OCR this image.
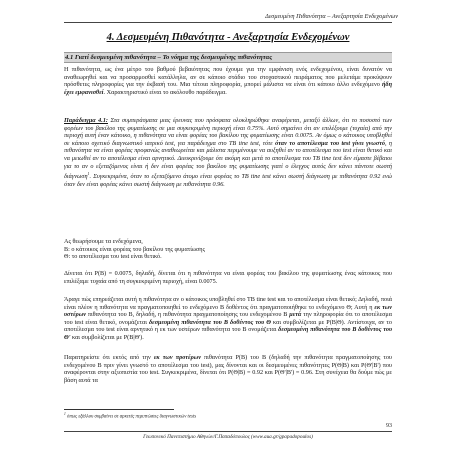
Δεσμευμένη Πιθανότητα – Ανεξαρτησία Ενδεχομένων
4. Δεσμευμένη Πιθανότητα - Ανεξαρτησία Ενδεχομένων
4.1 Γιατί δεσμευμένη πιθανότητα – Το νόημα της δεσμευμένης πιθανότητας

Η πιθανότητα, ως ένα μέτρο του βαθμού βεβαιότητας που έχουμε για την εμφάνιση ενός ενδεχομένου, είναι δυνατόν να αναθεωρηθεί και να προσαρμοσθεί κατάλληλα, αν σε κάποιο στάδιο του στοχαστικού πειράματος που μελετάμε προκύψουν πρόσθετες πληροφορίες για την έκβασή του. Μια τέτοια πληροφορία, μπορεί μάλιστα να είναι ότι κάποιο άλλο ενδεχόμενο ήδη έχει εμφανισθεί. Χαρακτηριστικό είναι το ακόλουθο παράδειγμα.

Παράδειγμα 4.1: Στα συμπεράσματα μιας έρευνας που πρόσφατα ολοκληρώθηκε αναφέρεται, μεταξύ άλλων, ότι το ποσοστό των φορέων του βακίλου της φυματίωσης σε μια συγκεκριμένη περιοχή είναι 0.75%. Αυτό σημαίνει ότι αν επιλέξουμε (τυχαία) από την περιοχή αυτή έναν κάτοικο, η πιθανότητα να είναι φορέας του βακίλου της φυματίωσης είναι 0.0075. Αν όμως ο κάτοικος υποβληθεί σε κάποιο σχετικό διαγνωστικό ιατρικό test, για παράδειγμα στο TB tine test, τότε όταν το αποτέλεσμα του test γίνει γνωστό, η πιθανότητα να είναι φορέας προφανώς αναθεωρείται και μάλιστα περιμένουμε να αυξηθεί αν το αποτέλεσμα του test είναι θετικό και να μειωθεί αν το αποτέλεσμα είναι αρνητικό. Διευκρινίζουμε ότι ακόμη και μετά το αποτέλεσμα του TB tine test δεν είμαστε βέβαιοι για το αν ο εξεταζόμενος είναι ή δεν είναι φορέας του βακίλου της φυματίωσης γιατί ο έλεγχος αυτός δεν κάνει πάντοτε σωστή διάγνωση$^1$. Συγκεκριμένα, όταν το εξεταζόμενο άτομο είναι φορέας το TB tine test κάνει σωστή διάγνωση με πιθανότητα 0.92 ενώ όταν δεν είναι φορέας κάνει σωστή διάγνωση με πιθανότητα 0.96.

Ας θεωρήσουμε τα ενδεχόμενα,

B: ο κάτοικος είναι φορέας του βακίλου της φυματίωσης

Θ: το αποτέλεσμα του test είναι θετικό.

Δίνεται ότι P(B) = 0.0075, δηλαδή, δίνεται ότι η πιθανότητα να είναι φορέας του βακίλου της φυματίωσης ένας κάτοικος που επιλέξαμε τυχαία από τη συγκεκριμένη περιοχή, είναι 0.0075.

Άραγε πώς επηρεάζεται αυτή η πιθανότητα αν ο κάτοικος υποβληθεί στο TB tine test και το αποτέλεσμα είναι θετικό; Δηλαδή, ποιά είναι πλέον η πιθανότητα να πραγματοποιηθεί το ενδεχόμενο B δοθέντος ότι πραγματοποιήθηκε το ενδεχόμενο Θ; Αυτή η εκ των υστέρων πιθανότητα του B, δηλαδή, η πιθανότητα πραγματοποίησης του ενδεχομένου B μετά την πληροφορία ότι το αποτέλεσμα του test είναι θετικό, ονομάζεται δεσμευμένη πιθανότητα του B δοθέντος του Θ και συμβολίζεται με P(B|Θ). Αντίστοιχα, αν το αποτέλεσμα του test είναι αρνητικό η εκ των υστέρων πιθανότητα του B ονομάζεται δεσμευμένη πιθανότητα του B δοθέντος του Θ' και συμβολίζεται με P(B|Θ').

Παρατηρείστε ότι εκτός από την εκ των προτέρων πιθανότητα P(B) του B (δηλαδή την πιθανότητα πραγματοποίησης του ενδεχομένου B πριν γίνει γνωστό το αποτέλεσμα του test), μας δίνονται και οι δεσμευμένες πιθανότητες P(Θ|B) και P(Θ'|B') που αναφέρονται στην αξιοπιστία του test. Συγκεκριμένα, δίνεται ότι P(Θ|B) = 0.92 και P(Θ'|B') = 0.96. Στη συνέχεια θα δούμε πώς με βάση αυτά τα

$^1$ όπως εξάλλου συμβαίνει σε αρκετές περιπτώσεις διαγνωστικών tests
93
Γεωπονικό Πανεπιστήμιο Αθηνών/Γ.Παπαδόπουλος (www.aua.gr/gpapadopoulos)
